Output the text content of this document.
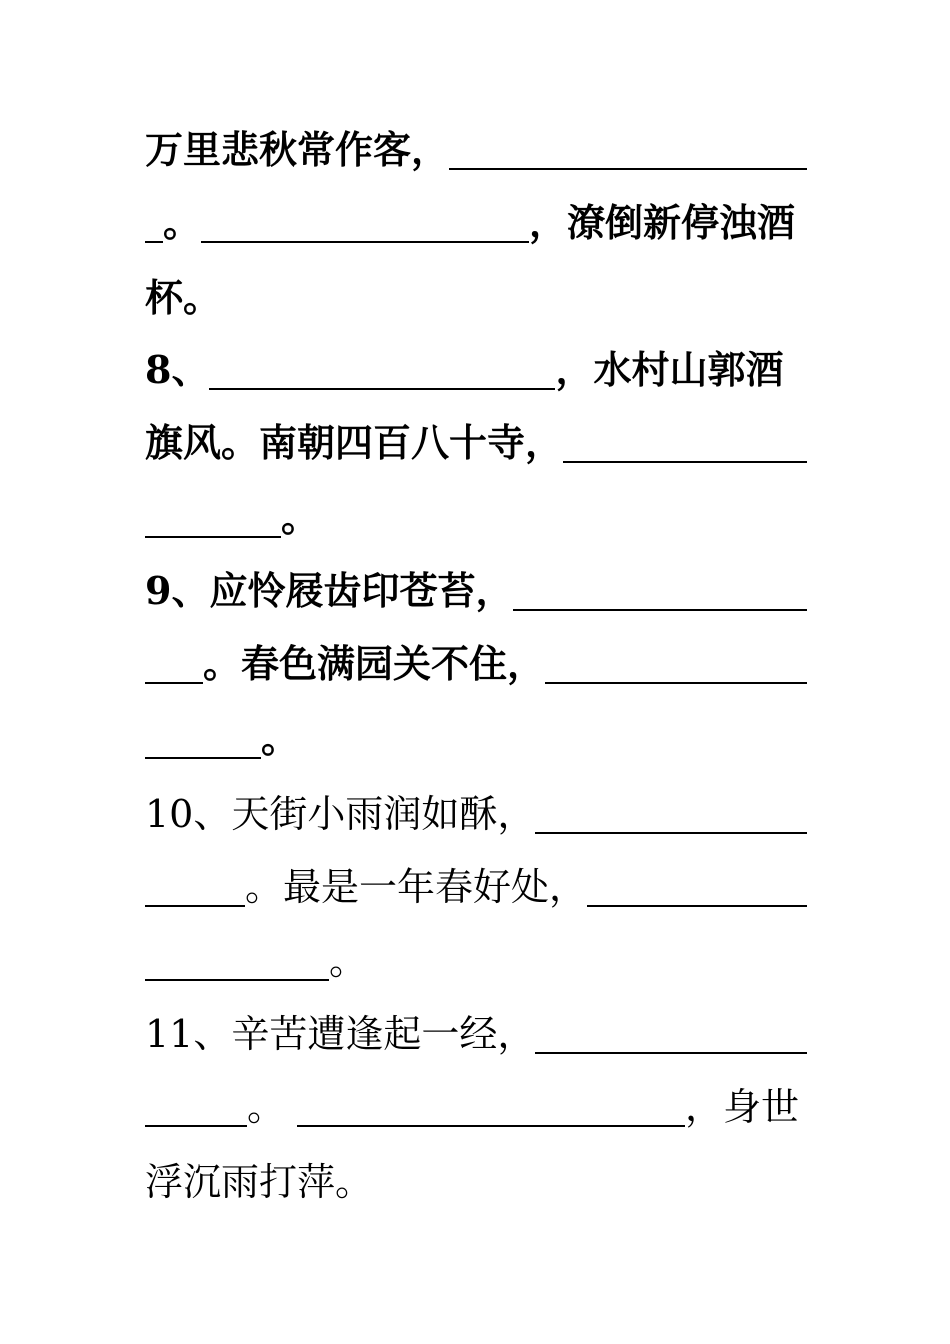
万里悲秋常作客，
。	，潦倒新停浊酒
杯。
8、	，水村山郭酒
旗风。南朝四百八十寺，
。
9、应怜屐齿印苍苔，
。春色满园关不住，
。
10、天街小雨润如酥，
。最是一年春好处，
。
11、辛苦遭逢起一经，
。	，身世
浮沉雨打萍。
